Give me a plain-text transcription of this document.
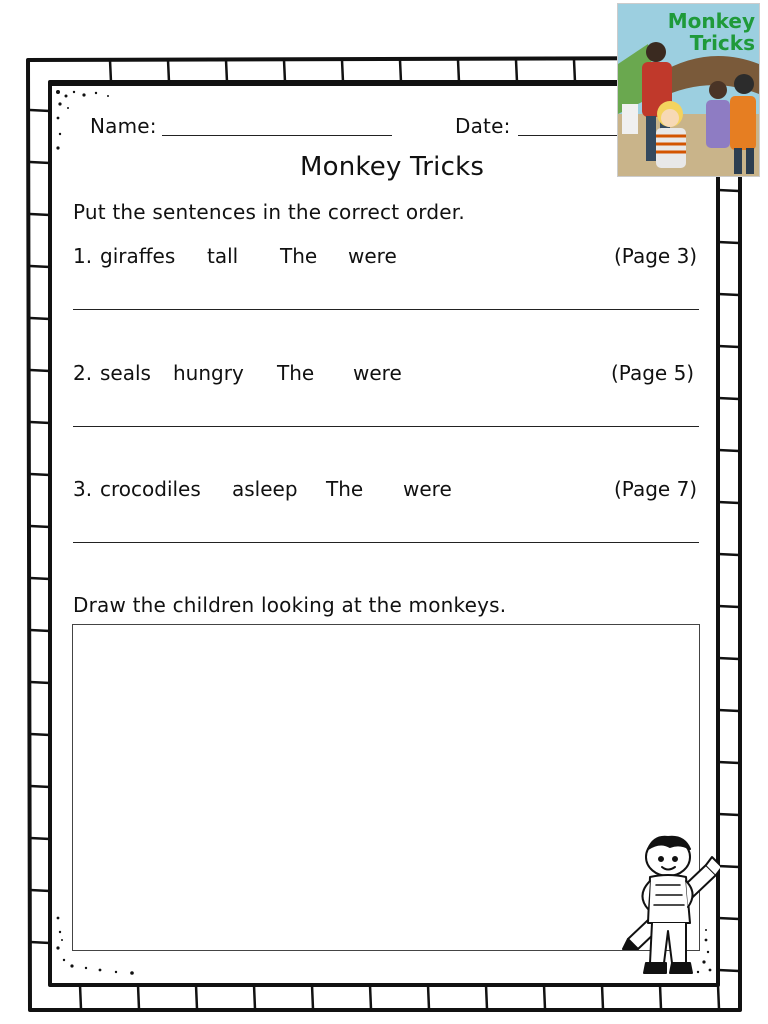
Name:	Date:
Monkey Tricks
Put the sentences in the correct order.
1. giraffes tall The were	(Page 3)
2. seals hungry The were	(Page 5)
3. crocodiles asleep The were	(Page 7)
Draw the children looking at the monkeys.
Monkey
Tricks
